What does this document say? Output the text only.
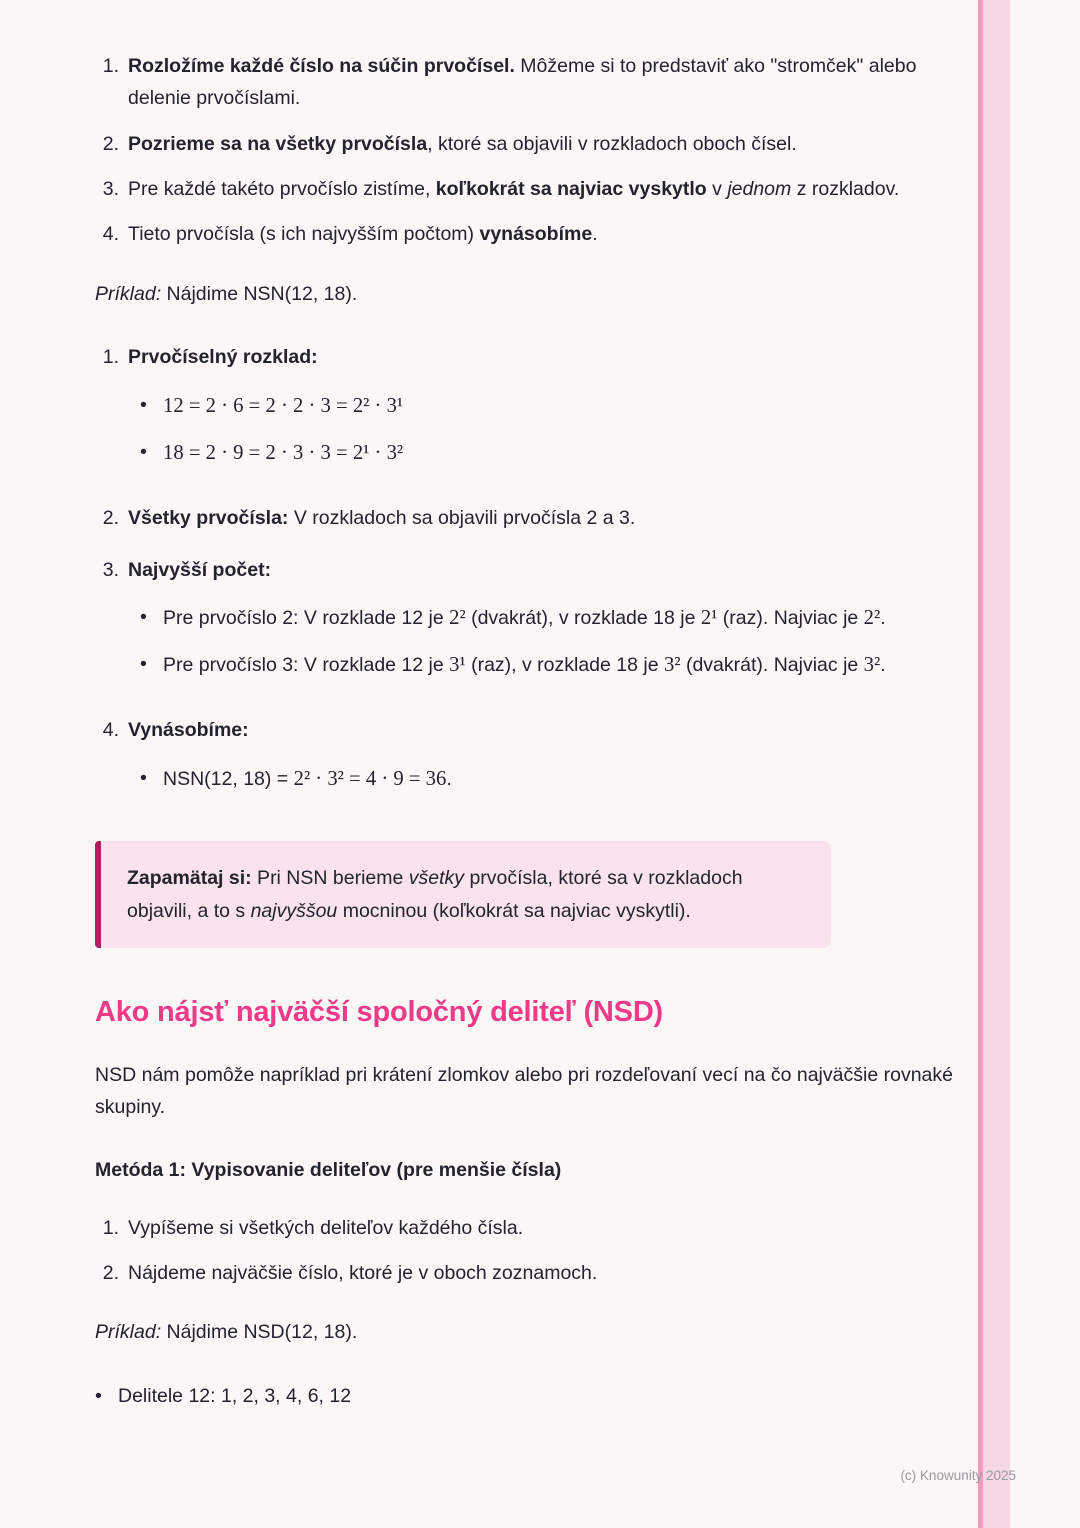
1. Rozložíme každé číslo na súčin prvočísel. Môžeme si to predstaviť ako "stromček" alebo delenie prvočíslami.
2. Pozrieme sa na všetky prvočísla, ktoré sa objavili v rozkladoch oboch čísel.
3. Pre každé takéto prvočíslo zistíme, koľkokrát sa najviac vyskytlo v jednom z rozkladov.
4. Tieto prvočísla (s ich najvyšším počtom) vynásobíme.

Príklad: Nájdime NSN(12, 18).

1. Prvočíselný rozklad:
• 12 = 2 · 6 = 2 · 2 · 3 = 2² · 3¹
• 18 = 2 · 9 = 2 · 3 · 3 = 2¹ · 3²
2. Všetky prvočísla: V rozkladoch sa objavili prvočísla 2 a 3.
3. Najvyšší počet:
• Pre prvočíslo 2: V rozklade 12 je 2² (dvakrát), v rozklade 18 je 2¹ (raz). Najviac je 2².
• Pre prvočíslo 3: V rozklade 12 je 3¹ (raz), v rozklade 18 je 3² (dvakrát). Najviac je 3².
4. Vynásobíme:
• NSN(12, 18) = 2² · 3² = 4 · 9 = 36.
Zapamätaj si: Pri NSN berieme všetky prvočísla, ktoré sa v rozkladoch objavili, a to s najvyššou mocninou (koľkokrát sa najviac vyskytli).
Ako nájsť najväčší spoločný deliteľ (NSD)

NSD nám pomôže napríklad pri krátení zlomkov alebo pri rozdeľovaní vecí na čo najväčšie rovnaké skupiny.

Metóda 1: Vypisovanie deliteľov (pre menšie čísla)

1. Vypíšeme si všetkých deliteľov každého čísla.
2. Nájdeme najväčšie číslo, ktoré je v oboch zoznamoch.

Príklad: Nájdime NSD(12, 18).

• Delitele 12: 1, 2, 3, 4, 6, 12
(c) Knowunity 2025
